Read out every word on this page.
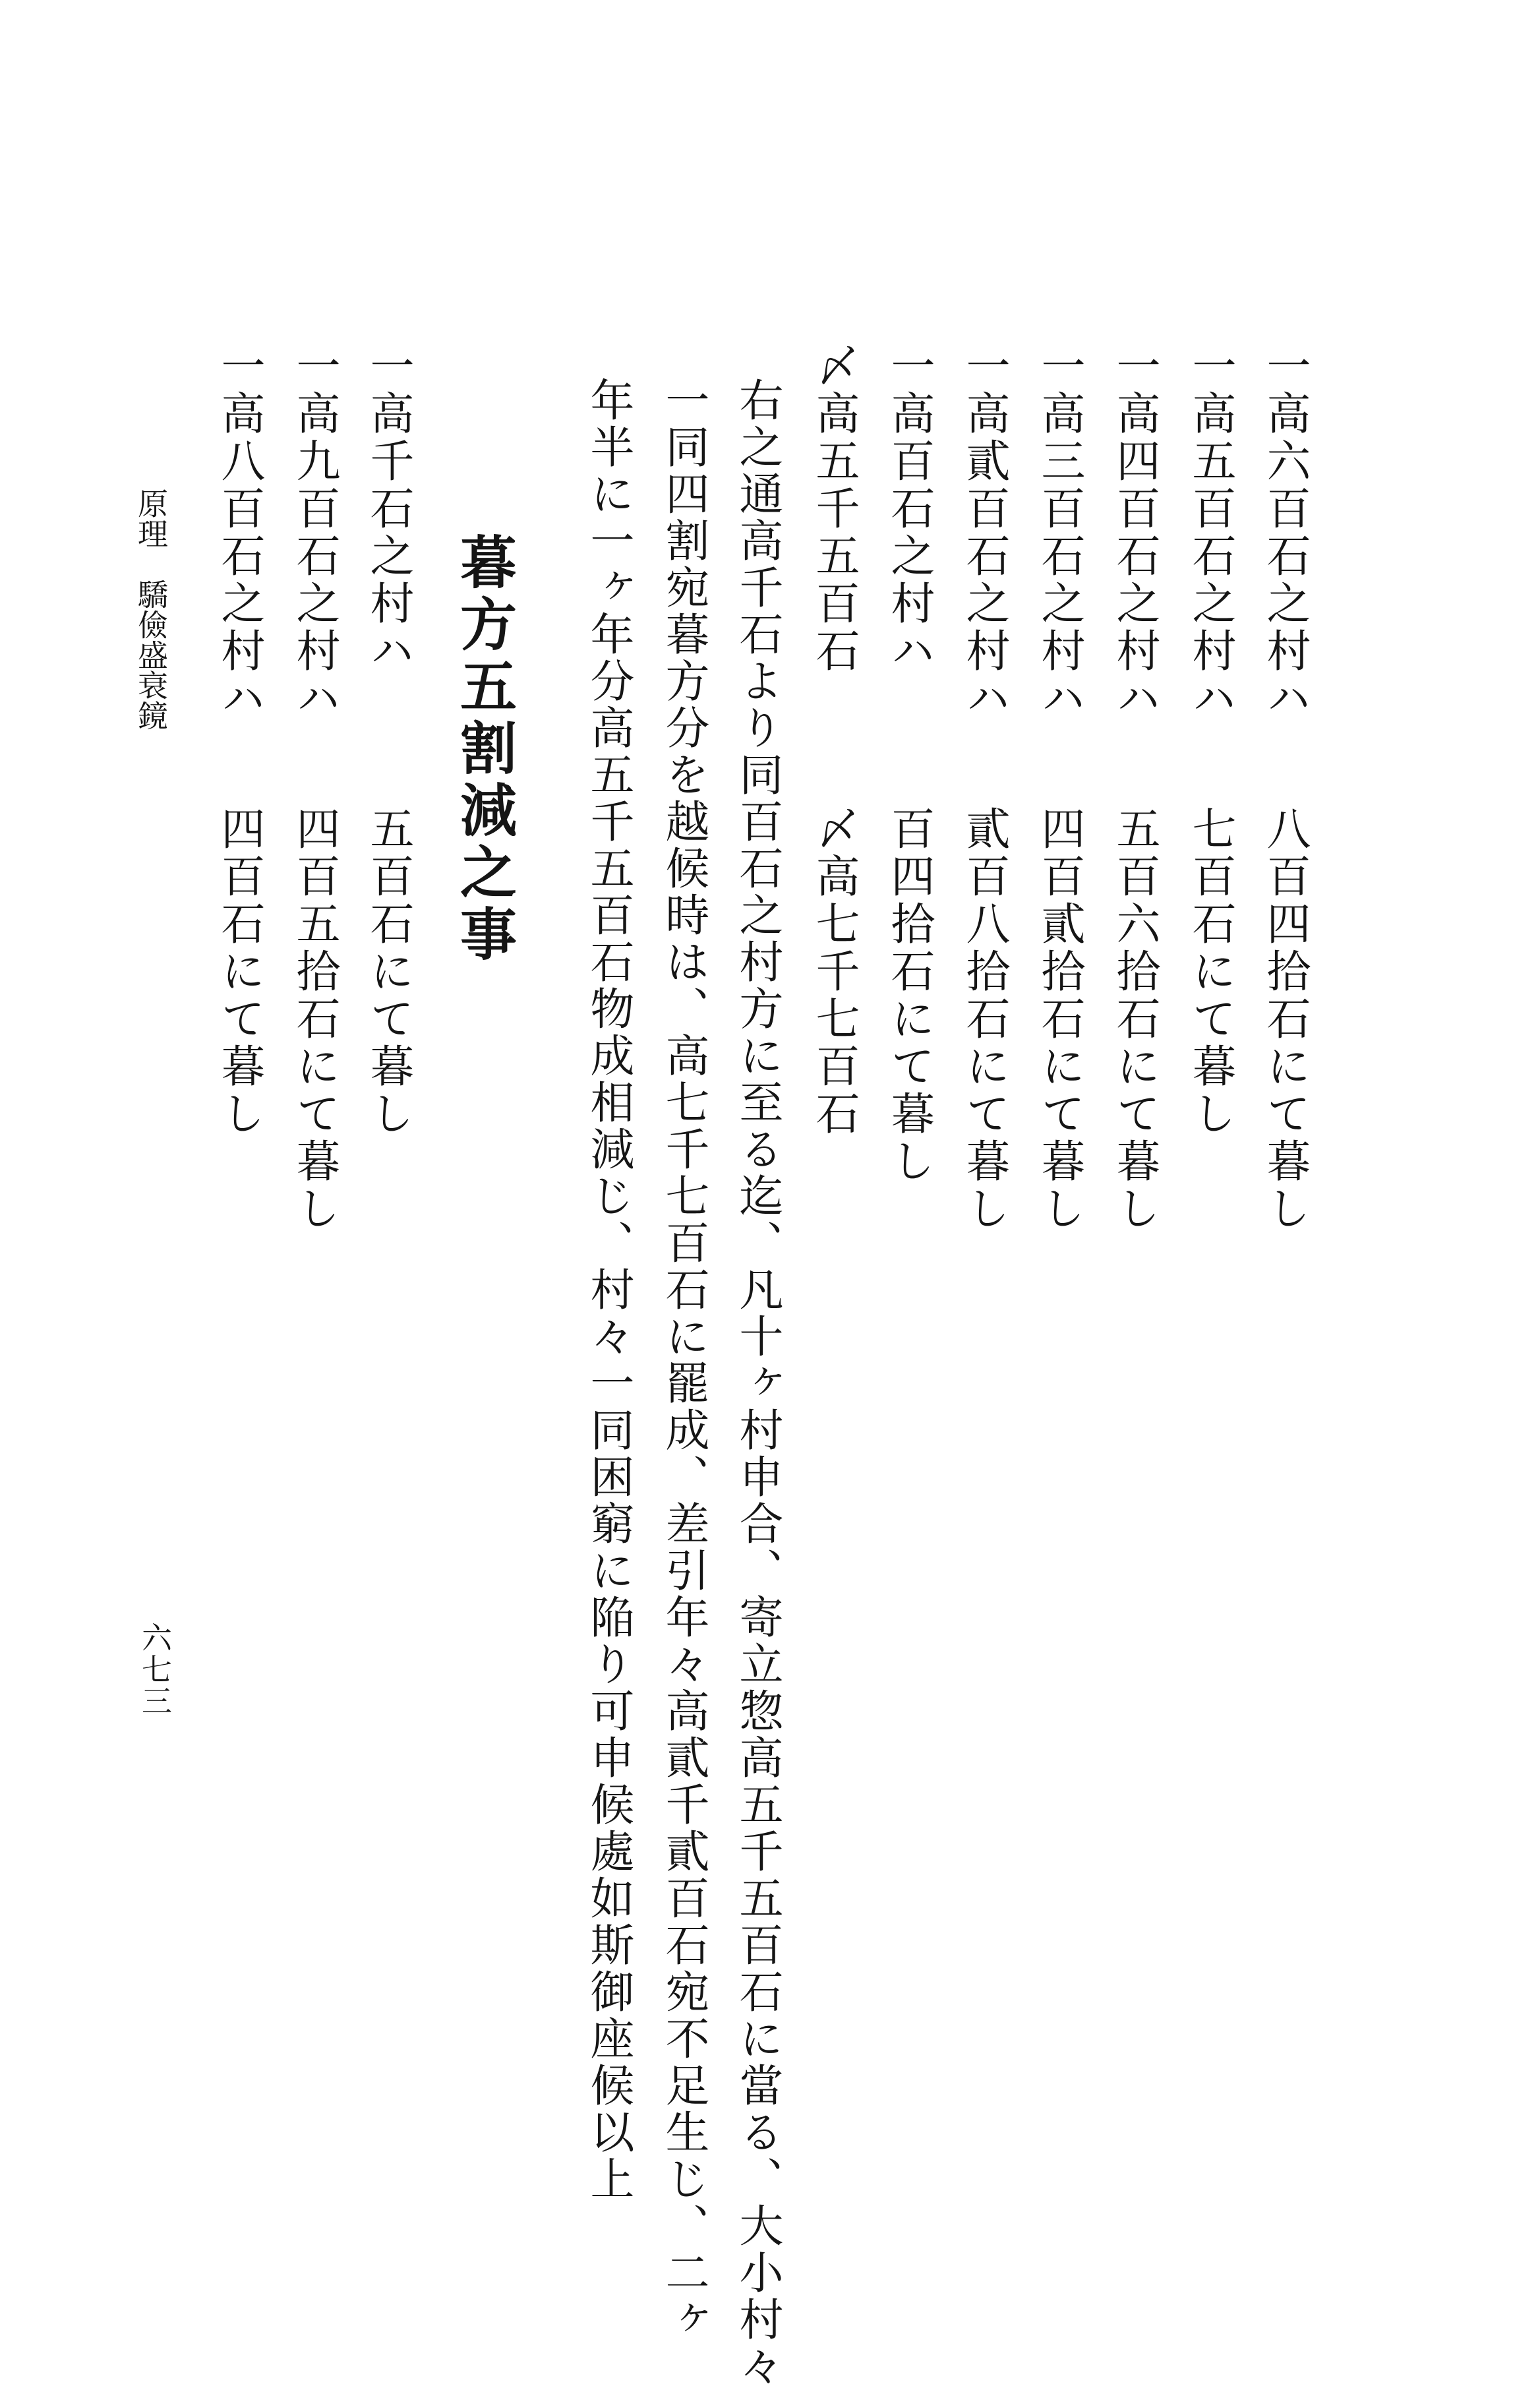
一高六百石之村ハ
八百四拾石にて暮し
一高五百石之村ハ
七百石にて暮し
一高四百石之村ハ
五百六拾石にて暮し
一高三百石之村ハ
四百貳拾石にて暮し
一高貳百石之村ハ
貳百八拾石にて暮し
一高百石之村ハ
百四拾石にて暮し
〆高五千五百石
〆高七千七百石
右之通高千石より同百石之村方に至る迄、凡十ヶ村申合、寄立惣高五千五百石に當る、大小村々
一同四割宛暮方分を越候時は、高七千七百石に罷成、差引年々高貳千貳百石宛不足生じ、二ヶ
年半に一ヶ年分高五千五百石物成相減じ、村々一同困窮に陥り可申候處如斯御座候以上
暮方五割減之事
一高千石之村ハ
五百石にて暮し
一高九百石之村ハ
四百五拾石にて暮し
一高八百石之村ハ
四百石にて暮し
原理　驕儉盛衰鏡
六七三
